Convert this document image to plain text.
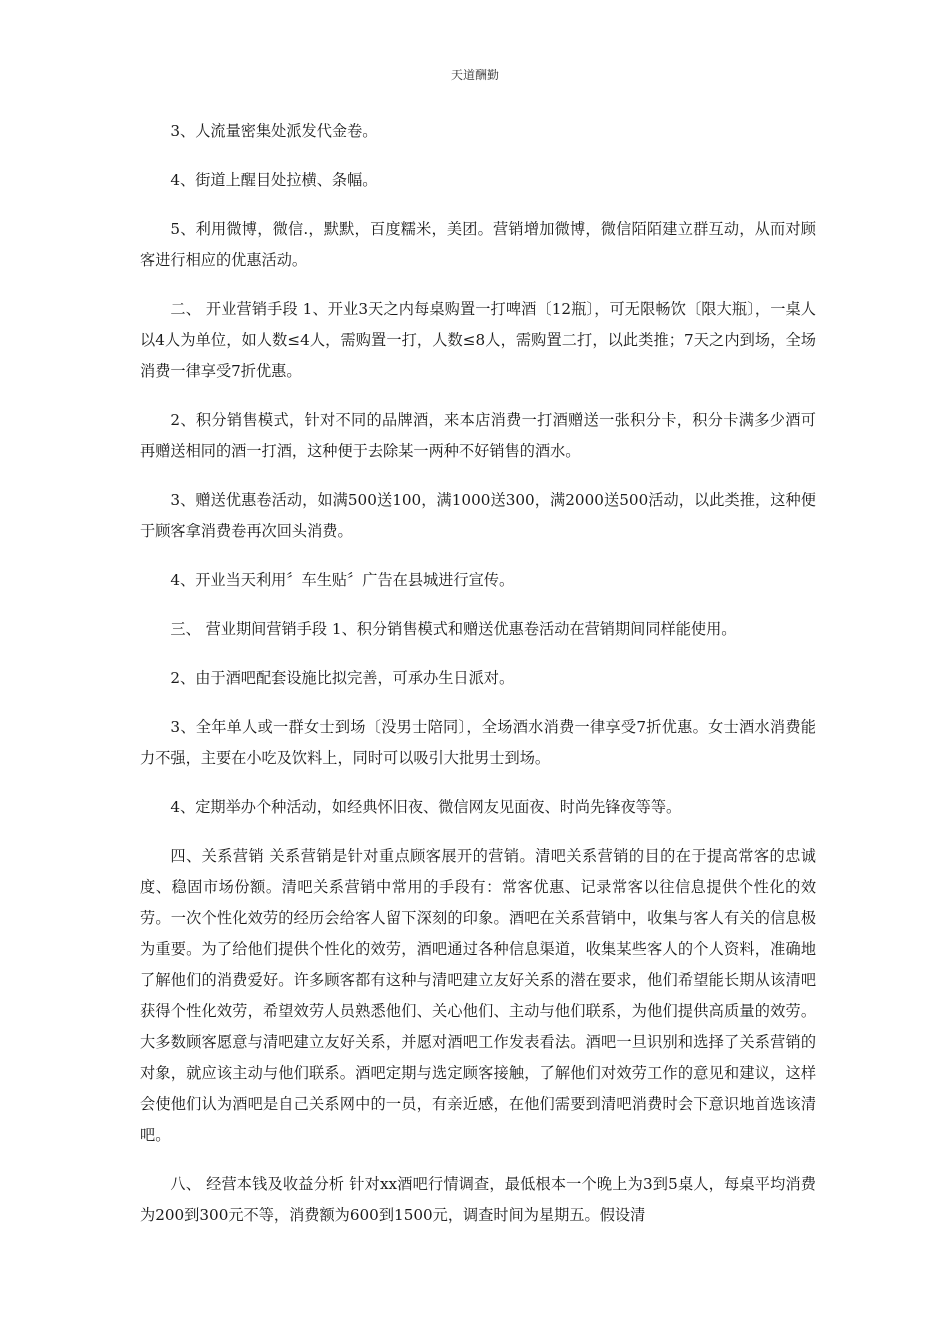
天道酬勤

3、人流量密集处派发代金卷。

4、街道上醒目处拉横、条幅。

5、利用微博，微信.，默默，百度糯米，美团。营销增加微博，微信陌陌建立群互动，从而对顾客进行相应的优惠活动。

二、 开业营销手段 1、开业3天之内每桌购置一打啤酒〔12瓶〕，可无限畅饮〔限大瓶〕，一桌人以4人为单位，如人数≤4人，需购置一打，人数≤8人，需购置二打，以此类推；7天之内到场，全场消费一律享受7折优惠。

2、积分销售模式，针对不同的品牌酒，来本店消费一打酒赠送一张积分卡，积分卡满多少酒可再赠送相同的酒一打酒，这种便于去除某一两种不好销售的酒水。

3、赠送优惠卷活动，如满500送100，满1000送300，满2000送500活动，以此类推，这种便于顾客拿消费卷再次回头消费。

4、开业当天利用〞车生贴〞广告在县城进行宣传。

三、 营业期间营销手段 1、积分销售模式和赠送优惠卷活动在营销期间同样能使用。

2、由于酒吧配套设施比拟完善，可承办生日派对。

3、全年单人或一群女士到场〔没男士陪同〕，全场酒水消费一律享受7折优惠。女士酒水消费能力不强，主要在小吃及饮料上，同时可以吸引大批男士到场。

4、定期举办个种活动，如经典怀旧夜、微信网友见面夜、时尚先锋夜等等。

四、关系营销 关系营销是针对重点顾客展开的营销。清吧关系营销的目的在于提高常客的忠诚度、稳固市场份额。清吧关系营销中常用的手段有：常客优惠、记录常客以往信息提供个性化的效劳。一次个性化效劳的经历会给客人留下深刻的印象。酒吧在关系营销中，收集与客人有关的信息极为重要。为了给他们提供个性化的效劳，酒吧通过各种信息渠道，收集某些客人的个人资料，准确地了解他们的消费爱好。许多顾客都有这种与清吧建立友好关系的潜在要求，他们希望能长期从该清吧获得个性化效劳，希望效劳人员熟悉他们、关心他们、主动与他们联系，为他们提供高质量的效劳。大多数顾客愿意与清吧建立友好关系，并愿对酒吧工作发表看法。酒吧一旦识别和选择了关系营销的对象，就应该主动与他们联系。酒吧定期与选定顾客接触，了解他们对效劳工作的意见和建议，这样会使他们认为酒吧是自己关系网中的一员，有亲近感，在他们需要到清吧消费时会下意识地首选该清吧。

八、 经营本钱及收益分析 针对xx酒吧行情调查，最低根本一个晚上为3到5桌人，每桌平均消费为200到300元不等，消费额为600到1500元，调查时间为星期五。假设清
